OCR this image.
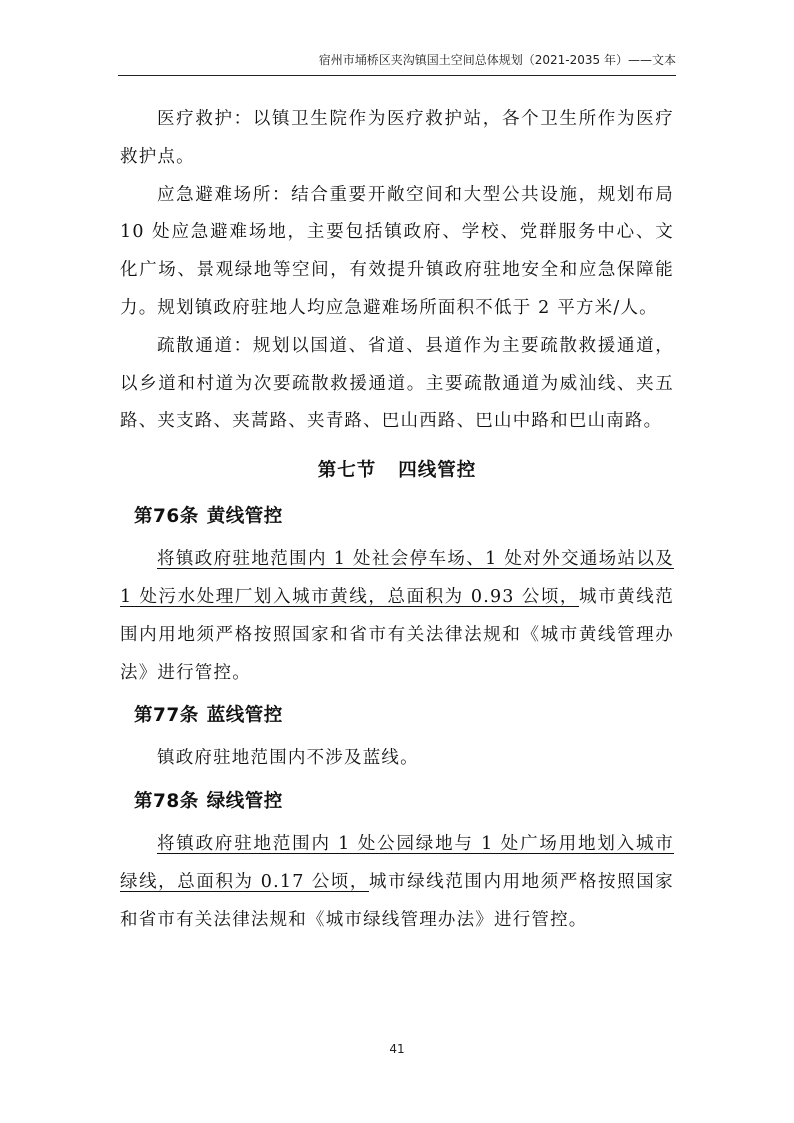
宿州市埇桥区夹沟镇国土空间总体规划（2021-2035 年）——文本

医疗救护：以镇卫生院作为医疗救护站，各个卫生所作为医疗救护点。

应急避难场所：结合重要开敞空间和大型公共设施，规划布局 10 处应急避难场地，主要包括镇政府、学校、党群服务中心、文化广场、景观绿地等空间，有效提升镇政府驻地安全和应急保障能力。规划镇政府驻地人均应急避难场所面积不低于 2 平方米/人。

疏散通道：规划以国道、省道、县道作为主要疏散救援通道，以乡道和村道为次要疏散救援通道。主要疏散通道为威汕线、夹五路、夹支路、夹蒿路、夹青路、巴山西路、巴山中路和巴山南路。

第七节 四线管控
第76条 黄线管控

将镇政府驻地范围内 1 处社会停车场、1 处对外交通场站以及 1 处污水处理厂划入城市黄线，总面积为 0.93 公顷，城市黄线范围内用地须严格按照国家和省市有关法律法规和《城市黄线管理办法》进行管控。

第77条 蓝线管控

镇政府驻地范围内不涉及蓝线。

第78条 绿线管控

将镇政府驻地范围内 1 处公园绿地与 1 处广场用地划入城市绿线，总面积为 0.17 公顷，城市绿线范围内用地须严格按照国家和省市有关法律法规和《城市绿线管理办法》进行管控。

41
